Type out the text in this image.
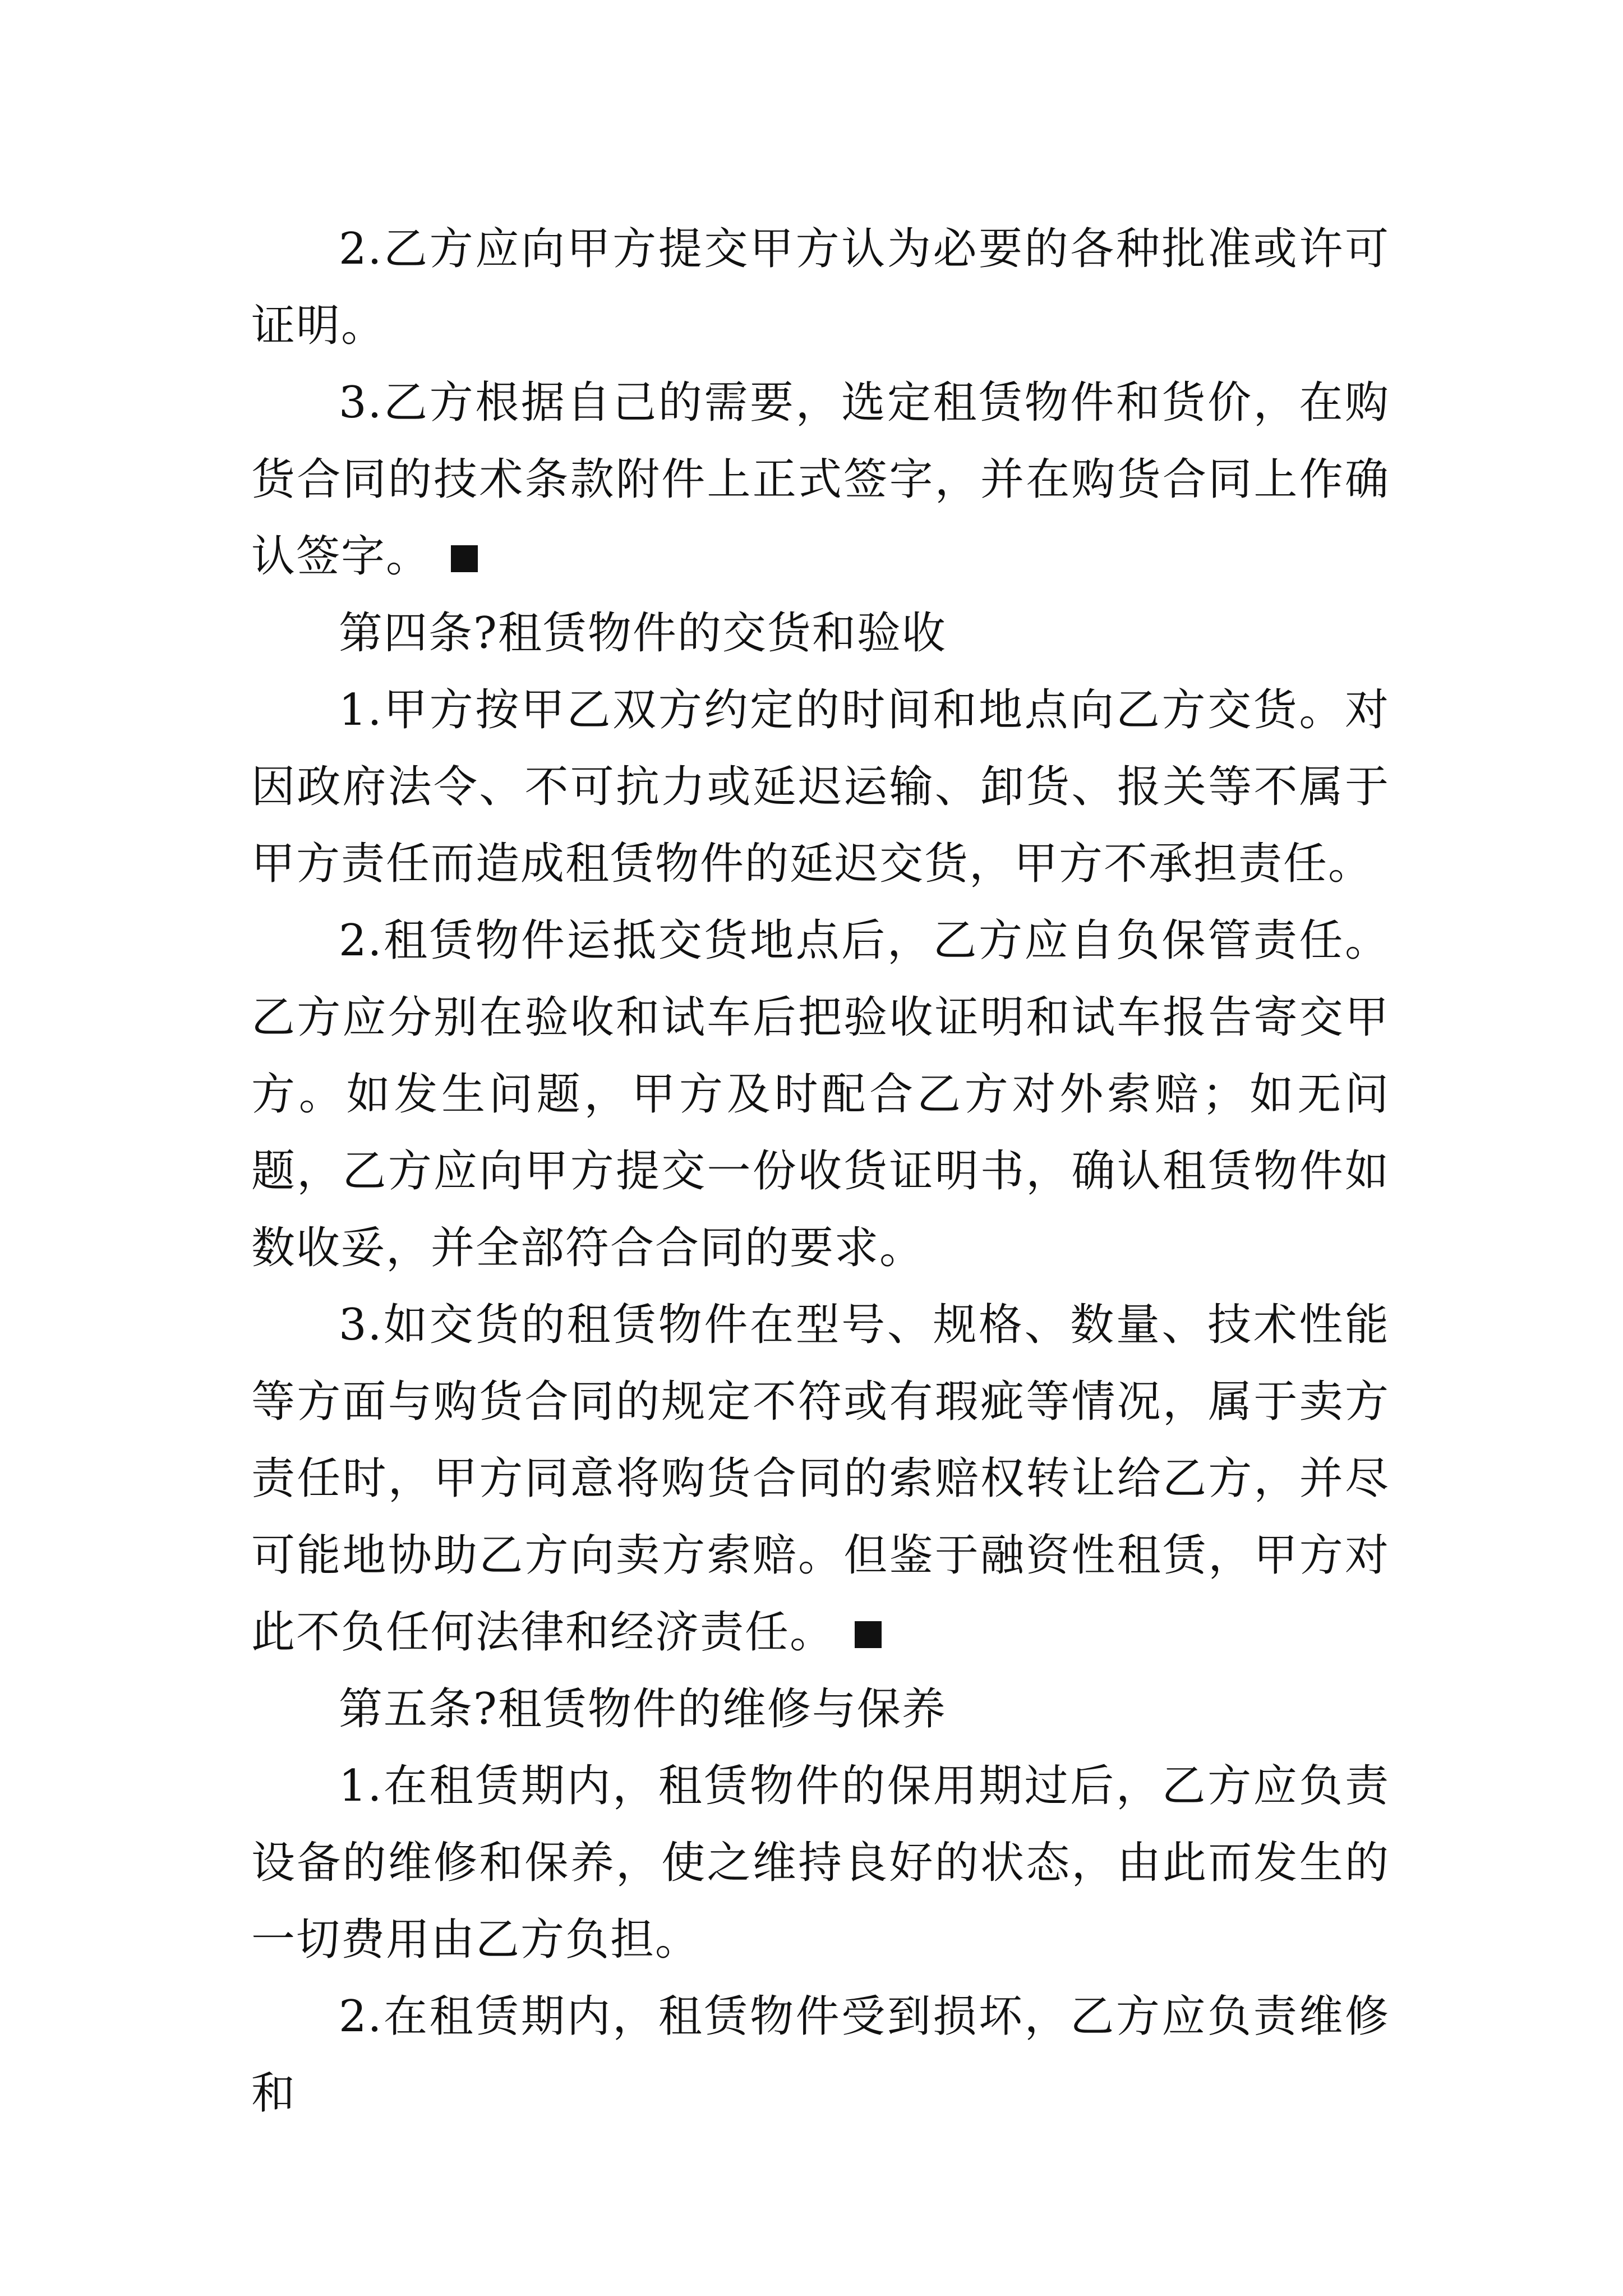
2.乙方应向甲方提交甲方认为必要的各种批准或许可证明。

3.乙方根据自己的需要，选定租赁物件和货价，在购货合同的技术条款附件上正式签字，并在购货合同上作确认签字。

第四条?租赁物件的交货和验收

1.甲方按甲乙双方约定的时间和地点向乙方交货。对因政府法令、不可抗力或延迟运输、卸货、报关等不属于甲方责任而造成租赁物件的延迟交货，甲方不承担责任。

2.租赁物件运抵交货地点后，乙方应自负保管责任。乙方应分别在验收和试车后把验收证明和试车报告寄交甲方。如发生问题，甲方及时配合乙方对外索赔；如无问题，乙方应向甲方提交一份收货证明书，确认租赁物件如数收妥，并全部符合合同的要求。

3.如交货的租赁物件在型号、规格、数量、技术性能等方面与购货合同的规定不符或有瑕疵等情况，属于卖方责任时，甲方同意将购货合同的索赔权转让给乙方，并尽可能地协助乙方向卖方索赔。但鉴于融资性租赁，甲方对此不负任何法律和经济责任。

第五条?租赁物件的维修与保养

1.在租赁期内，租赁物件的保用期过后，乙方应负责设备的维修和保养，使之维持良好的状态，由此而发生的一切费用由乙方负担。

2.在租赁期内，租赁物件受到损坏，乙方应负责维修和
